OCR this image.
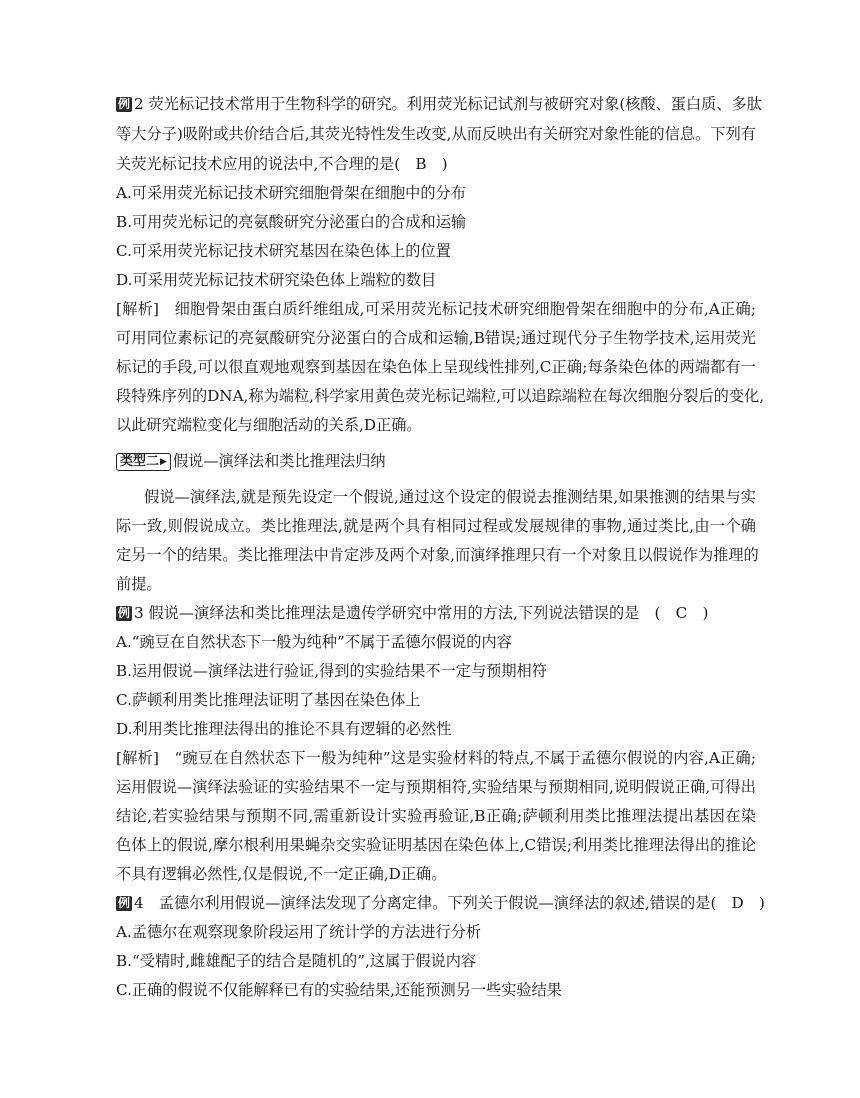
例 2 荧光标记技术常用于生物科学的研究。利用荧光标记试剂与被研究对象(核酸、蛋白质、多肽
等大分子)吸附或共价结合后,其荧光特性发生改变,从而反映出有关研究对象性能的信息。下列有
关荧光标记技术应用的说法中,不合理的是(　B　)
A.可采用荧光标记技术研究细胞骨架在细胞中的分布
B.可用荧光标记的亮氨酸研究分泌蛋白的合成和运输
C.可采用荧光标记技术研究基因在染色体上的位置
D.可采用荧光标记技术研究染色体上端粒的数目
[解析]　细胞骨架由蛋白质纤维组成,可采用荧光标记技术研究细胞骨架在细胞中的分布,A正确;
可用同位素标记的亮氨酸研究分泌蛋白的合成和运输,B错误;通过现代分子生物学技术,运用荧光
标记的手段,可以很直观地观察到基因在染色体上呈现线性排列,C正确;每条染色体的两端都有一
段特殊序列的DNA,称为端粒,科学家用黄色荧光标记端粒,可以追踪端粒在每次细胞分裂后的变化,
以此研究端粒变化与细胞活动的关系,D正确。
类型二▶ 假说—演绎法和类比推理法归纳
假说—演绎法,就是预先设定一个假说,通过这个设定的假说去推测结果,如果推测的结果与实
际一致,则假说成立。类比推理法,就是两个具有相同过程或发展规律的事物,通过类比,由一个确
定另一个的结果。类比推理法中肯定涉及两个对象,而演绎推理只有一个对象且以假说作为推理的
前提。
例 3 假说—演绎法和类比推理法是遗传学研究中常用的方法,下列说法错误的是　(　C　)
A.“豌豆在自然状态下一般为纯种”不属于孟德尔假说的内容
B.运用假说—演绎法进行验证,得到的实验结果不一定与预期相符
C.萨顿利用类比推理法证明了基因在染色体上
D.利用类比推理法得出的推论不具有逻辑的必然性
[解析]　“豌豆在自然状态下一般为纯种”这是实验材料的特点,不属于孟德尔假说的内容,A正确;
运用假说—演绎法验证的实验结果不一定与预期相符,实验结果与预期相同,说明假说正确,可得出
结论,若实验结果与预期不同,需重新设计实验再验证,B正确;萨顿利用类比推理法提出基因在染
色体上的假说,摩尔根利用果蝇杂交实验证明基因在染色体上,C错误;利用类比推理法得出的推论
不具有逻辑必然性,仅是假说,不一定正确,D正确。
例 4　孟德尔利用假说—演绎法发现了分离定律。下列关于假说—演绎法的叙述,错误的是(　D　)
A.孟德尔在观察现象阶段运用了统计学的方法进行分析
B.“受精时,雌雄配子的结合是随机的”,这属于假说内容
C.正确的假说不仅能解释已有的实验结果,还能预测另一些实验结果
